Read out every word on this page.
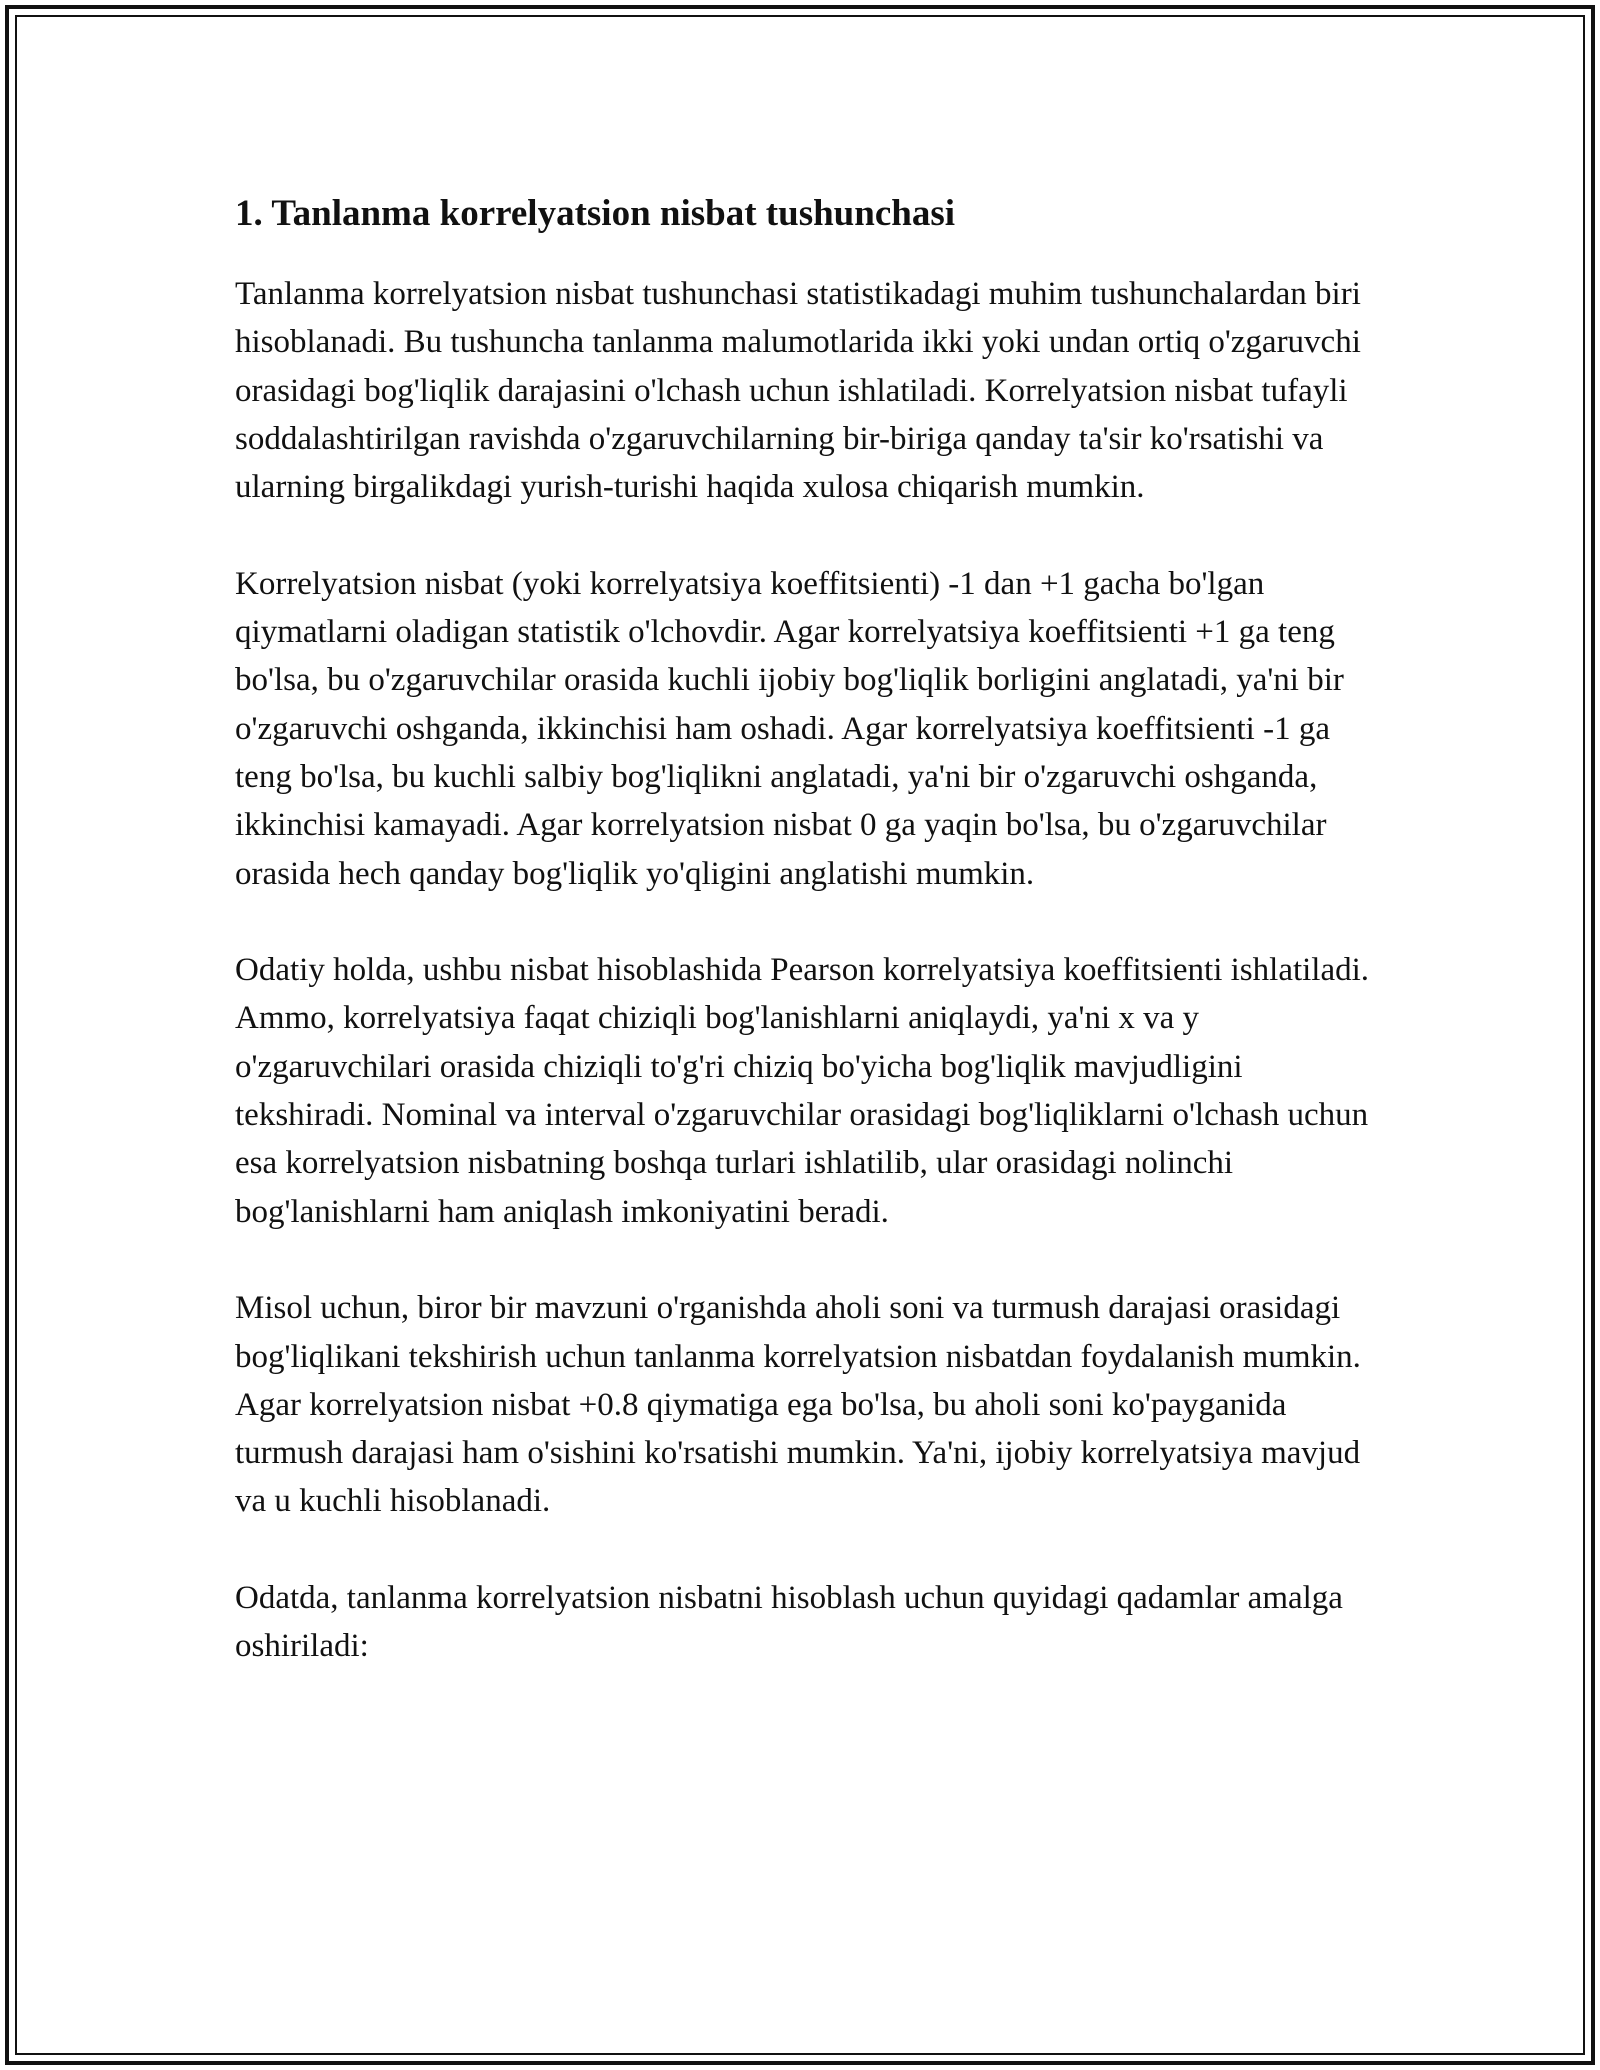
1. Tanlanma korrelyatsion nisbat tushunchasi

Tanlanma korrelyatsion nisbat tushunchasi statistikadagi muhim tushunchalardan biri hisoblanadi. Bu tushuncha tanlanma malumotlarida ikki yoki undan ortiq o'zgaruvchi orasidagi bog'liqlik darajasini o'lchash uchun ishlatiladi. Korrelyatsion nisbat tufayli soddalashtirilgan ravishda o'zgaruvchilarning bir-biriga qanday ta'sir ko'rsatishi va ularning birgalikdagi yurish-turishi haqida xulosa chiqarish mumkin.

Korrelyatsion nisbat (yoki korrelyatsiya koeffitsienti) -1 dan +1 gacha bo'lgan qiymatlarni oladigan statistik o'lchovdir. Agar korrelyatsiya koeffitsienti +1 ga teng bo'lsa, bu o'zgaruvchilar orasida kuchli ijobiy bog'liqlik borligini anglatadi, ya'ni bir o'zgaruvchi oshganda, ikkinchisi ham oshadi. Agar korrelyatsiya koeffitsienti -1 ga teng bo'lsa, bu kuchli salbiy bog'liqlikni anglatadi, ya'ni bir o'zgaruvchi oshganda, ikkinchisi kamayadi. Agar korrelyatsion nisbat 0 ga yaqin bo'lsa, bu o'zgaruvchilar orasida hech qanday bog'liqlik yo'qligini anglatishi mumkin.

Odatiy holda, ushbu nisbat hisoblashida Pearson korrelyatsiya koeffitsienti ishlatiladi. Ammo, korrelyatsiya faqat chiziqli bog'lanishlarni aniqlaydi, ya'ni x va y o'zgaruvchilari orasida chiziqli to'g'ri chiziq bo'yicha bog'liqlik mavjudligini tekshiradi. Nominal va interval o'zgaruvchilar orasidagi bog'liqliklarni o'lchash uchun esa korrelyatsion nisbatning boshqa turlari ishlatilib, ular orasidagi nolinchi bog'lanishlarni ham aniqlash imkoniyatini beradi.

Misol uchun, biror bir mavzuni o'rganishda aholi soni va turmush darajasi orasidagi bog'liqlikani tekshirish uchun tanlanma korrelyatsion nisbatdan foydalanish mumkin. Agar korrelyatsion nisbat +0.8 qiymatiga ega bo'lsa, bu aholi soni ko'payganida turmush darajasi ham o'sishini ko'rsatishi mumkin. Ya'ni, ijobiy korrelyatsiya mavjud va u kuchli hisoblanadi.

Odatda, tanlanma korrelyatsion nisbatni hisoblash uchun quyidagi qadamlar amalga oshiriladi:
